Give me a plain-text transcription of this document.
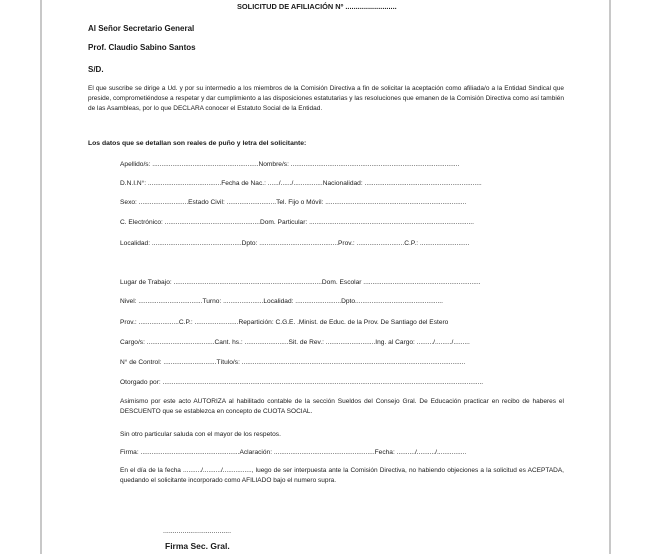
SOLICITUD DE AFILIACIÓN Nº .........................
Al Señor Secretario General
Prof. Claudio Sabino Santos
S/D.
El que suscribe se dirige a Ud. y por su intermedio a los miembros de la Comisión Directiva a fin de solicitar la aceptación como afiliada/o a la Entidad Sindical que preside, comprometiéndose a respetar y dar cumplimiento a las disposiciones estatutarias y las resoluciones que emanen de la Comisión Directiva como así también de las Asambleas, por lo que DECLARA conocer el Estatuto Social de la Entidad.
Los datos que se detallan son reales de puño y letra del solicitante:
Apellido/s: ..........................................................Nombre/s: ............................................................................................
D.N.I.N°: ........................................Fecha de Nac.: ....../....../................Nacionalidad: ................................................................
Sexo: ...........................Estado Civil: ...........................Tel. Fijo o Móvil: .............................................................................
C. Electrónico: ....................................................Dom. Particular: ..........................................................................................
Localidad: .................................................Dpto: ...........................................Prov.: ..........................C.P.: ...........................
Lugar de Trabajo: .................................................................................Dom. Escolar ................................................................
Nivel: ...................................Turno: ......................Localidad: .........................Dpto................................................
Prov.: ......................C.P.: ........................Repartición: C.G.E. .Minist. de Educ. de la Prov. De Santiago del Estero
Cargo/s: .....................................Cant. hs.: ........................Sit. de Rev.: ...........................Ing. al Cargo: ........./........./.........
N° de Control: .............................Título/s: ..........................................................................................................................
Otorgado por: ...............................................................................................................................................................................
Asimismo por este acto AUTORIZA al habilitado contable de la sección Sueldos del Consejo Gral. De Educación practicar en recibo de haberes el DESCUENTO que se establezca en concepto de CUOTA SOCIAL.
Sin otro particular saluda con el mayor de los respetos.
Firma: ......................................................Aclaración: .......................................................Fecha: ........../........../................
En el día de la fecha ........../........../................, luego de ser interpuesta ante la Comisión Directiva, no habiendo objeciones a la solicitud es ACEPTADA, quedando el solicitante incorporado como AFILIADO bajo el numero supra.
...................................
Firma Sec. Gral.
